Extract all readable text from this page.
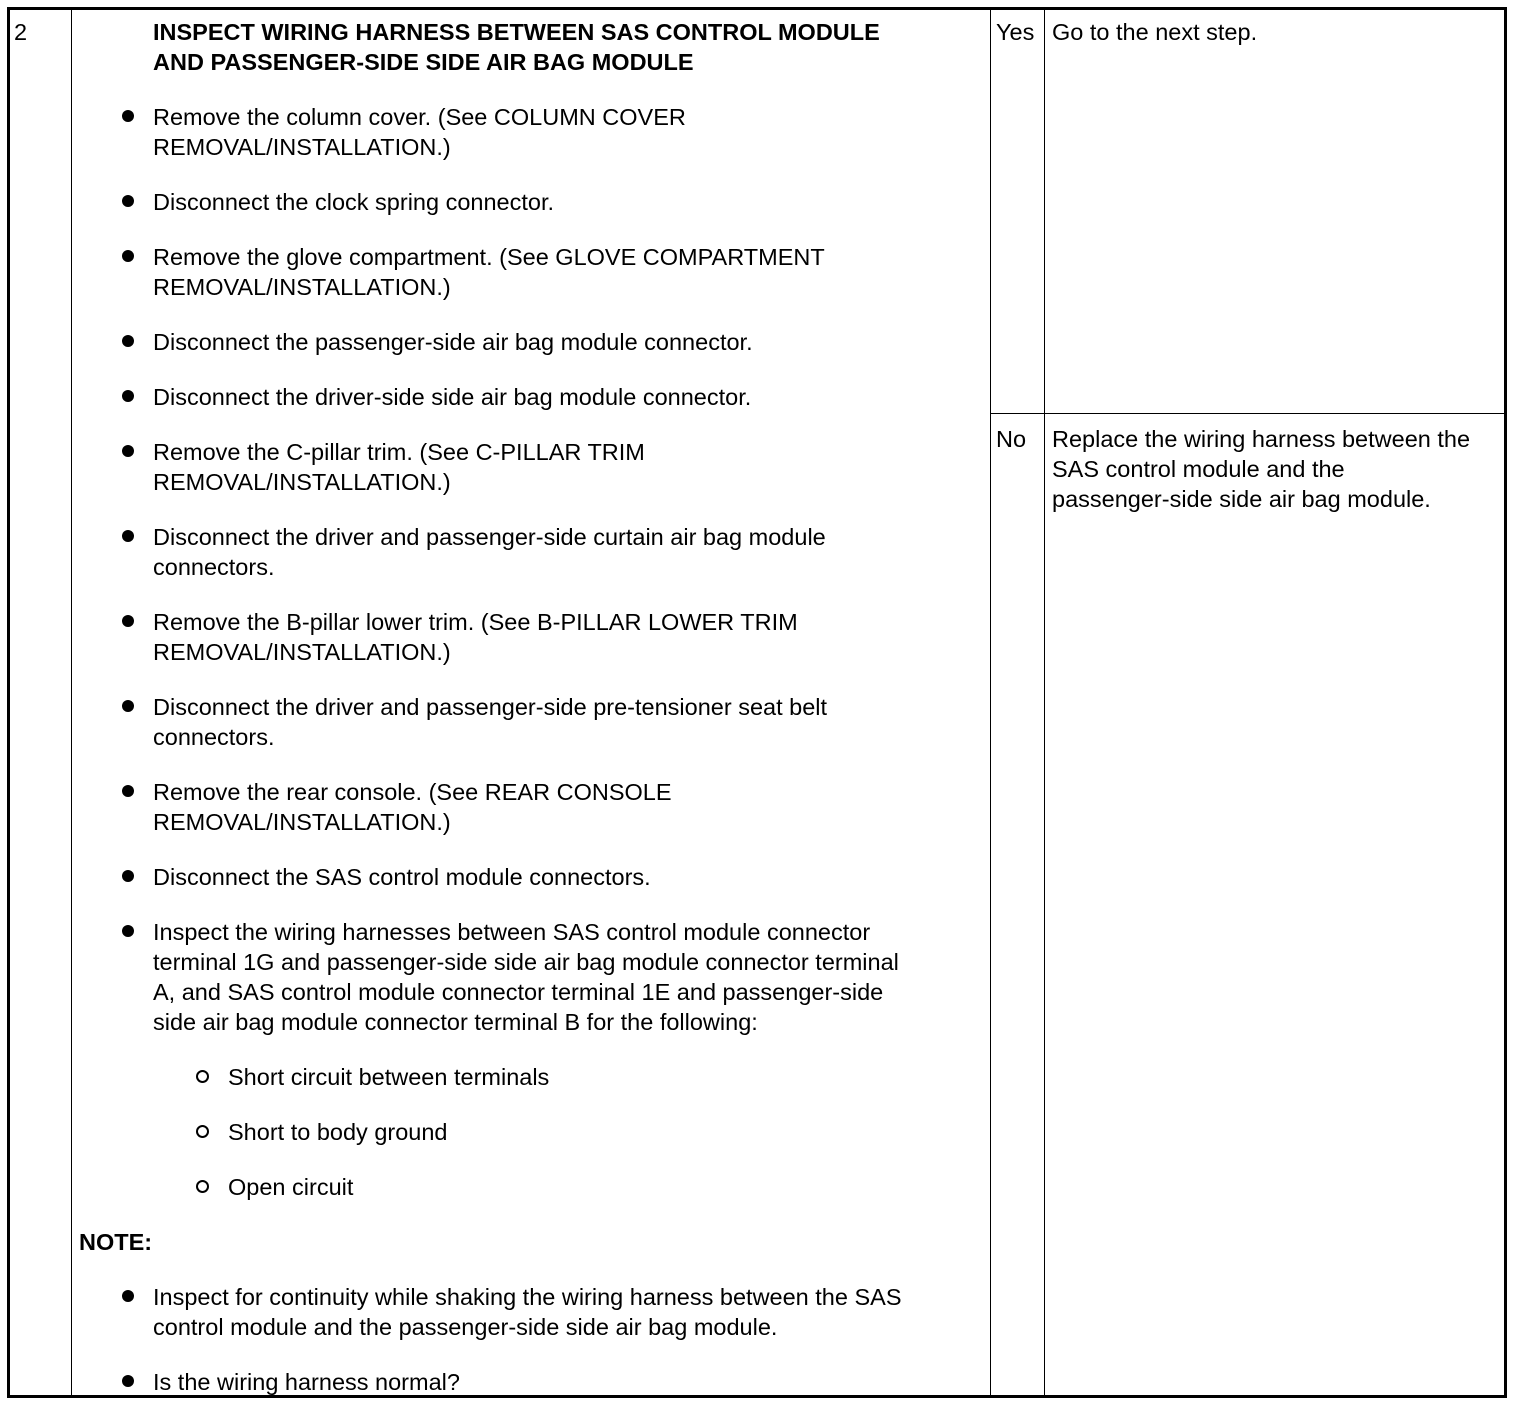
2	INSPECT WIRING HARNESS BETWEEN SAS CONTROL MODULE
AND PASSENGER-SIDE SIDE AIR BAG MODULE
Remove the column cover. (See COLUMN COVER
REMOVAL/INSTALLATION.)
Disconnect the clock spring connector.
Remove the glove compartment. (See GLOVE COMPARTMENT
REMOVAL/INSTALLATION.)
Disconnect the passenger-side air bag module connector.
Disconnect the driver-side side air bag module connector.
Remove the C-pillar trim. (See C-PILLAR TRIM
REMOVAL/INSTALLATION.)
Disconnect the driver and passenger-side curtain air bag module
connectors.
Remove the B-pillar lower trim. (See B-PILLAR LOWER TRIM
REMOVAL/INSTALLATION.)
Disconnect the driver and passenger-side pre-tensioner seat belt
connectors.
Remove the rear console. (See REAR CONSOLE
REMOVAL/INSTALLATION.)
Disconnect the SAS control module connectors.
Inspect the wiring harnesses between SAS control module connector
terminal 1G and passenger-side side air bag module connector terminal
A, and SAS control module connector terminal 1E and passenger-side
side air bag module connector terminal B for the following:
Short circuit between terminals
Short to body ground
Open circuit
NOTE:
Inspect for continuity while shaking the wiring harness between the SAS
control module and the passenger-side side air bag module.
Is the wiring harness normal?
Yes Go to the next step.
No Replace the wiring harness between the
SAS control module and the
passenger-side side air bag module.
